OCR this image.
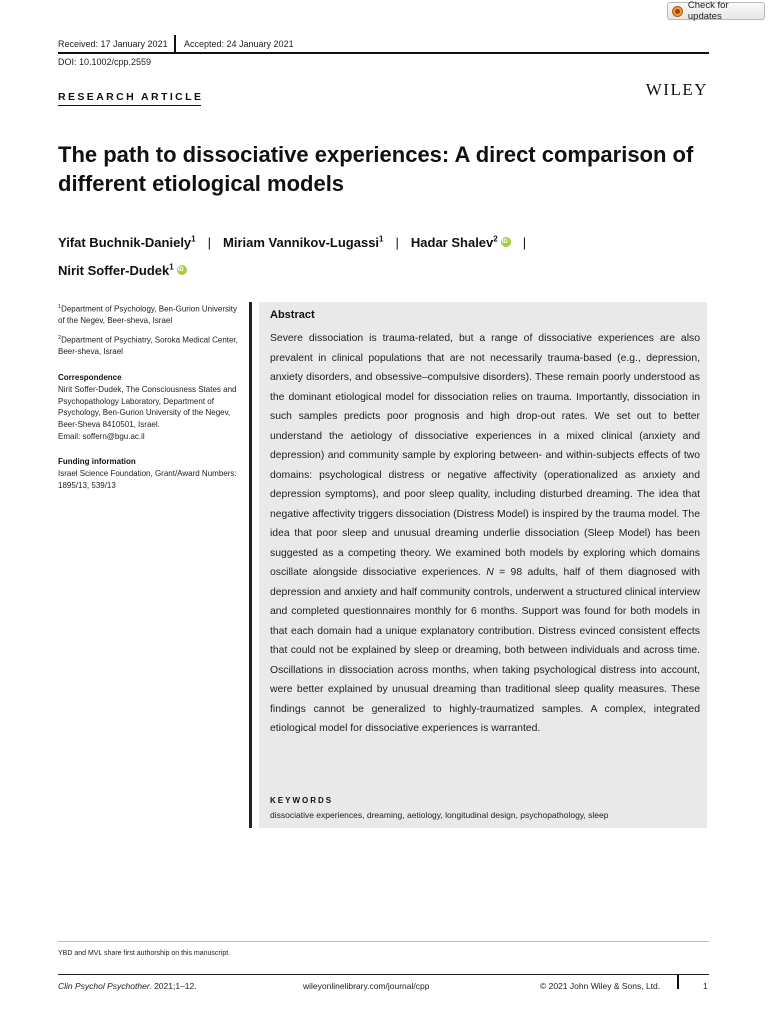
Check for updates
Received: 17 January 2021 Accepted: 24 January 2021
DOI: 10.1002/cpp.2559
RESEARCH ARTICLE	WILEY
The path to dissociative experiences: A direct comparison of different etiological models
Yifat Buchnik-Daniely$^1$ | Miriam Vannikov-Lugassi$^1$ | Hadar Shalev$^2$iD |
Nirit Soffer-Dudek$^1$iD

$^1$Department of Psychology, Ben-Gurion University of the Negev, Beer-sheva, Israel

$^2$Department of Psychiatry, Soroka Medical Center, Beer-sheva, Israel

Correspondence
Nirit Soffer-Dudek, The Consciousness States and Psychopathology Laboratory, Department of Psychology, Ben-Gurion University of the Negev, Beer-Sheva 8410501, Israel.
Email: soffern@bgu.ac.il
Funding information
Israel Science Foundation, Grant/Award Numbers: 1895/13, 539/13
Abstract

Severe dissociation is trauma-related, but a range of dissociative experiences are also prevalent in clinical populations that are not necessarily trauma-based (e.g., depression, anxiety disorders, and obsessive–compulsive disorders). These remain poorly understood as the dominant etiological model for dissociation relies on trauma. Importantly, dissociation in such samples predicts poor prognosis and high drop-out rates. We set out to better understand the aetiology of dissociative experiences in a mixed clinical (anxiety and depression) and community sample by exploring between- and within-subjects effects of two domains: psychological distress or negative affectivity (operationalized as anxiety and depression symptoms), and poor sleep quality, including disturbed dreaming. The idea that negative affectivity triggers dissociation (Distress Model) is inspired by the trauma model. The idea that poor sleep and unusual dreaming underlie dissociation (Sleep Model) has been suggested as a competing theory. We examined both models by exploring which domains oscillate alongside dissociative experiences. N = 98 adults, half of them diagnosed with depression and anxiety and half community controls, underwent a structured clinical interview and completed questionnaires monthly for 6 months. Support was found for both models in that each domain had a unique explanatory contribution. Distress evinced consistent effects that could not be explained by sleep or dreaming, both between individuals and across time. Oscillations in dissociation across months, when taking psychological distress into account, were better explained by unusual dreaming than traditional sleep quality measures. These findings cannot be generalized to highly-traumatized samples. A complex, integrated etiological model for dissociative experiences is warranted.

KEYWORDS
dissociative experiences, dreaming, aetiology, longitudinal design, psychopathology, sleep
YBD and MVL share first authorship on this manuscript.
Clin Psychol Psychother. 2021;1–12.	wileyonlinelibrary.com/journal/cpp	© 2021 John Wiley & Sons, Ltd.	1
